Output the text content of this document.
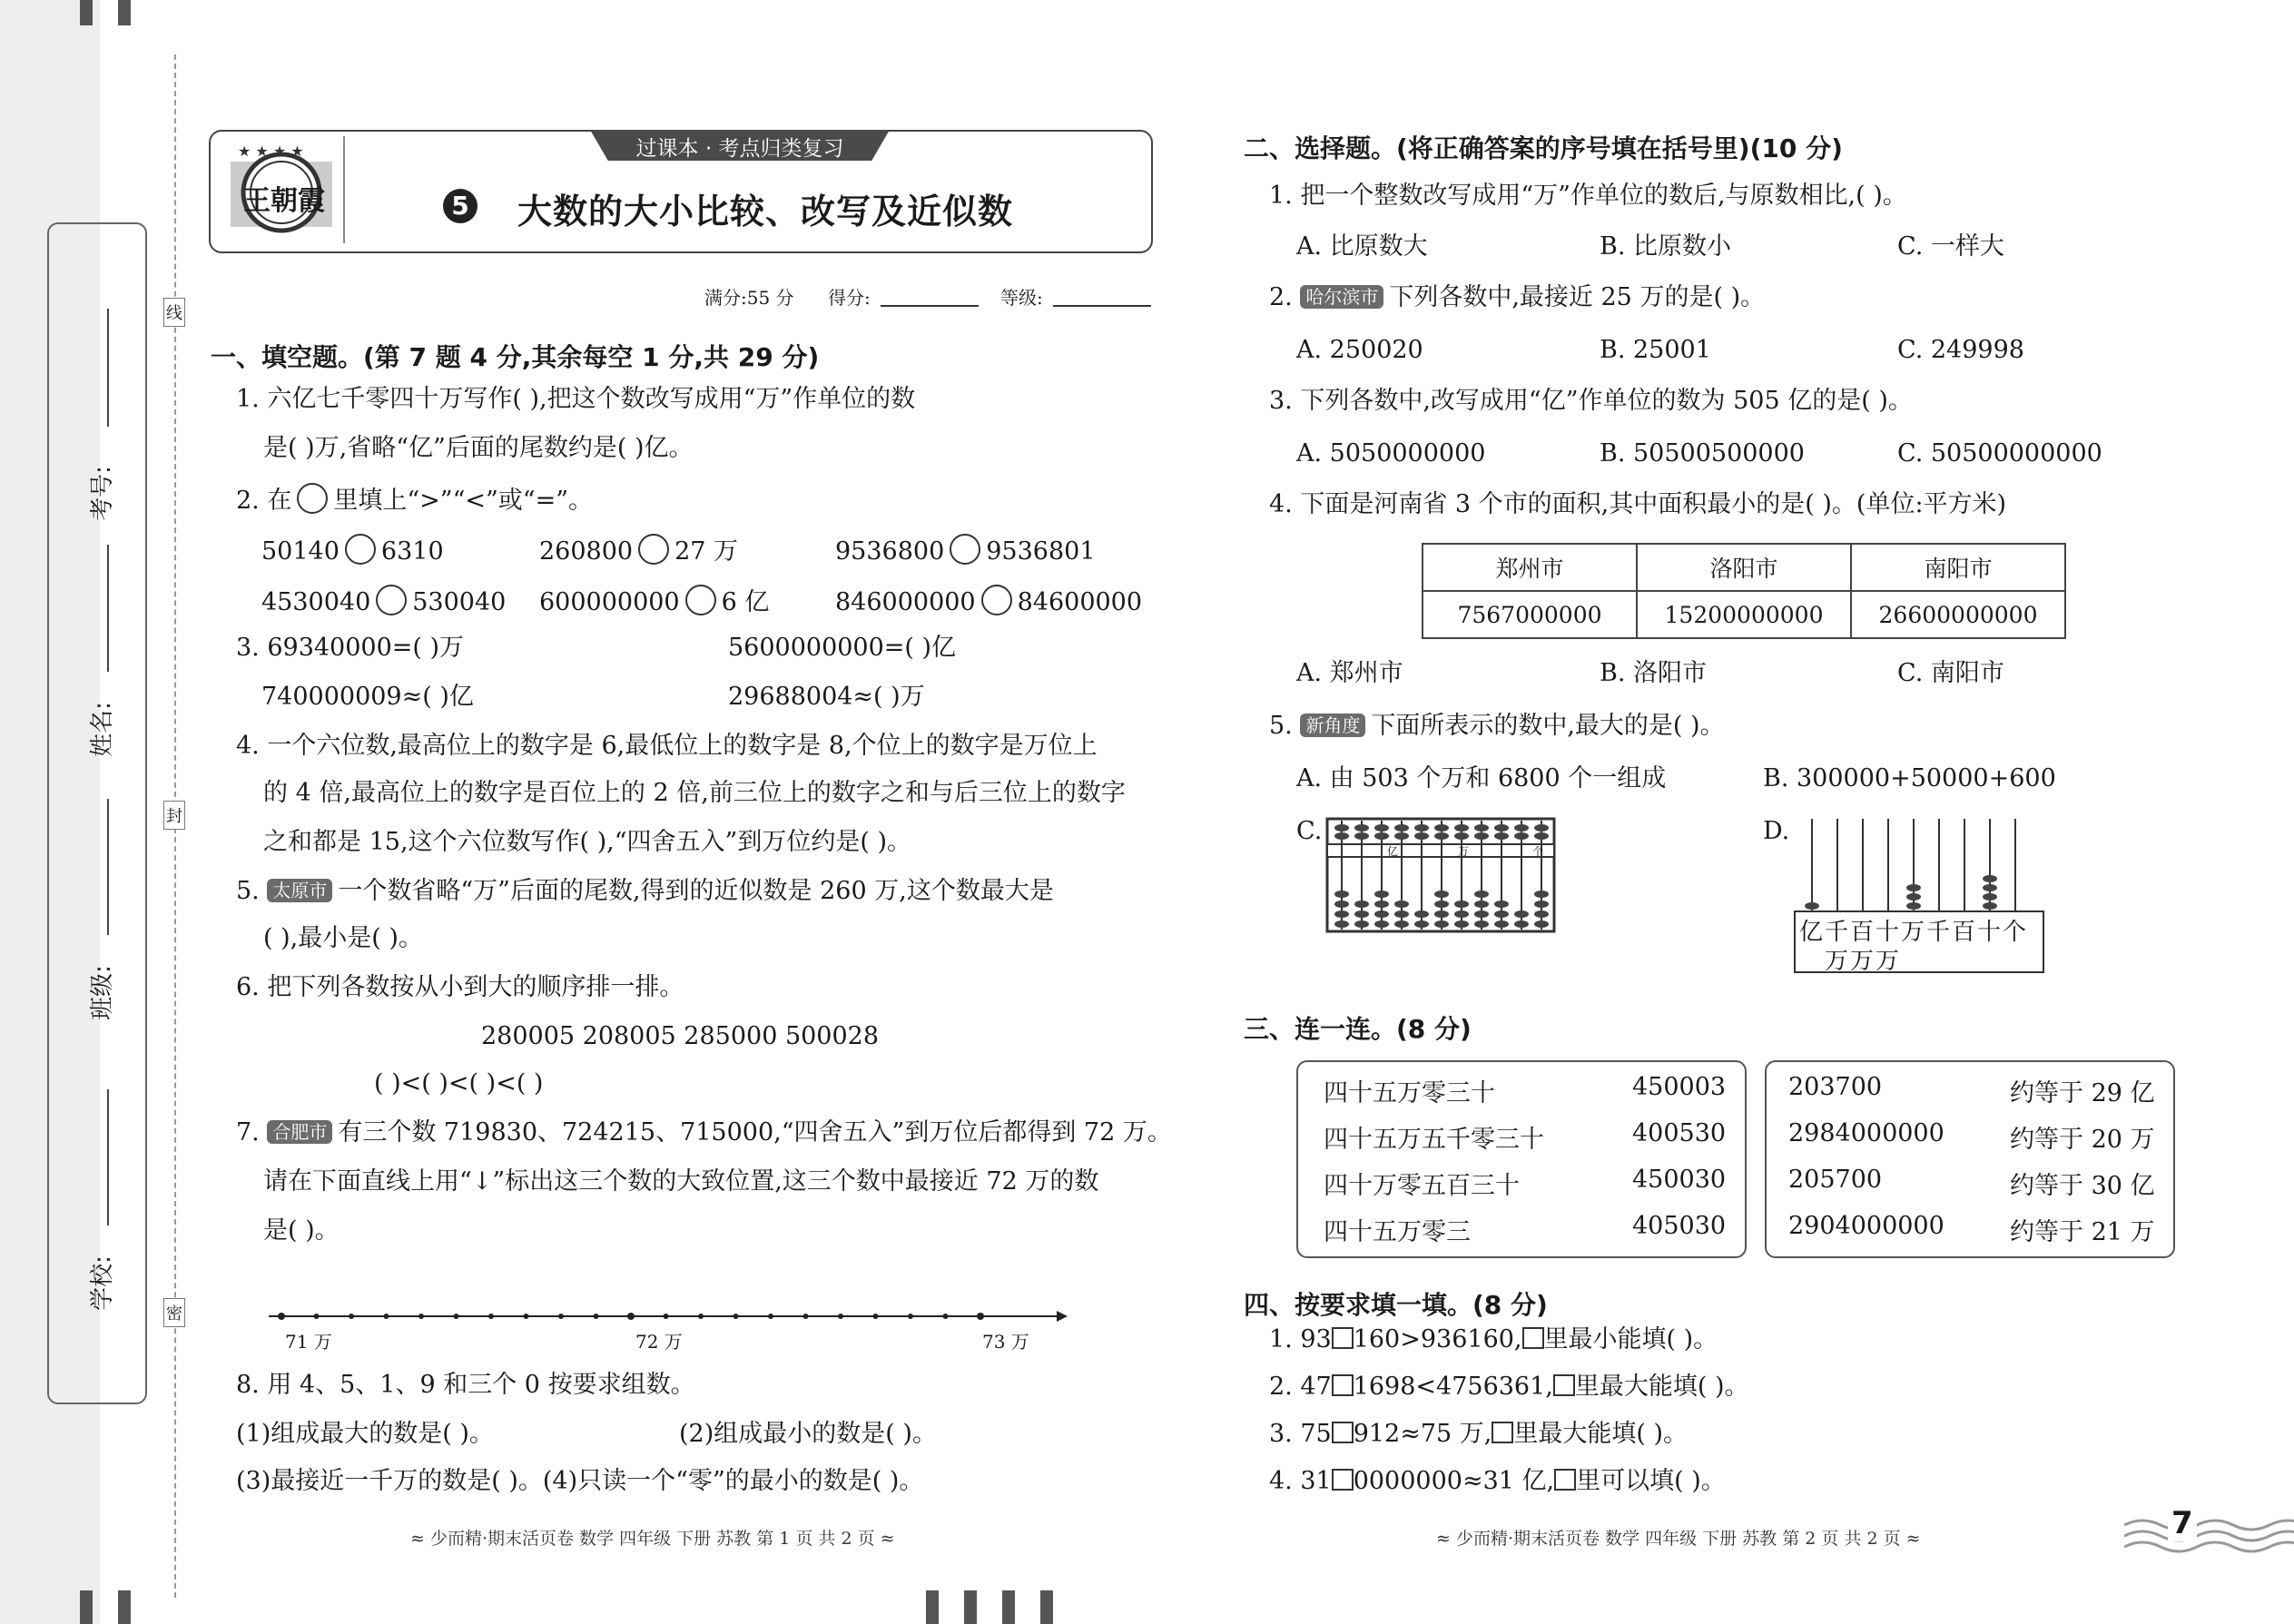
学校:
班级:
姓名:
考号:
线
封
密
过课本 · 考点归类复习
★ ★ ★ ★
王朝霞	5 大数的大小比较、改写及近似数
满分:55 分 得分:	等级:
一、填空题。(第 7 题 4 分,其余每空 1 分,共 29 分)
1. 六亿七千零四十万写作( ),把这个数改写成用“万”作单位的数
是( )万,省略“亿”后面的尾数约是( )亿。
2. 在 里填上“>”“<”或“=”。
50140 6310	260800 27 万	9536800 9536801
4530040 530040 600000000 6 亿	846000000 84600000
3. 69340000=( )万	5600000000=( )亿
740000009≈( )亿	29688004≈( )万
4. 一个六位数,最高位上的数字是 6,最低位上的数字是 8,个位上的数字是万位上
的 4 倍,最高位上的数字是百位上的 2 倍,前三位上的数字之和与后三位上的数字
之和都是 15,这个六位数写作( ),“四舍五入”到万位约是( )。
5. 太原市 一个数省略“万”后面的尾数,得到的近似数是 260 万,这个数最大是
( ),最小是( )。
6. 把下列各数按从小到大的顺序排一排。
280005 208005 285000 500028
( )<( )<( )<( )
7. 合肥市 有三个数 719830、724215、715000,“四舍五入”到万位后都得到 72 万。
请在下面直线上用“↓”标出这三个数的大致位置,这三个数中最接近 72 万的数
是( )。
71 万	72 万	73 万
8. 用 4、5、1、9 和三个 0 按要求组数。
(1)组成最大的数是( )。	(2)组成最小的数是( )。
(3)最接近一千万的数是( )。(4)只读一个“零”的最小的数是( )。
≈ 少而精·期末活页卷 数学 四年级 下册 苏教 第 1 页 共 2 页 ≈
二、选择题。(将正确答案的序号填在括号里)(10 分)
1. 把一个整数改写成用“万”作单位的数后,与原数相比,( )。
A. 比原数大	B. 比原数小	C. 一样大
2. 哈尔滨市 下列各数中,最接近 25 万的是( )。
A. 250020	B. 25001	C. 249998
3. 下列各数中,改写成用“亿”作单位的数为 505 亿的是( )。
A. 5050000000	B. 50500500000	C. 50500000000
4. 下面是河南省 3 个市的面积,其中面积最小的是( )。(单位:平方米)
郑州市	洛阳市	南阳市
7567000000	15200000000	26600000000
A. 郑州市	B. 洛阳市	C. 南阳市
5. 新角度 下面所表示的数中,最大的是( )。
A. 由 503 个万和 6800 个一组成	B. 300000+50000+600
C.	D.
亿	万	个
亿千百十万千百十个
万万万
三、连一连。(8 分)
四十五万零三十	450003
四十五万五千零三十	400530
四十万零五百三十	450030
四十五万零三	405030
203700	约等于 29 亿
2984000000	约等于 20 万
205700	约等于 30 亿
2904000000	约等于 21 万
四、按要求填一填。(8 分)
1. 93 160>936160, 里最小能填( )。
2. 47 1698<4756361, 里最大能填( )。
3. 75 912≈75 万, 里最大能填( )。
4. 31 0000000≈31 亿, 里可以填( )。
≈ 少而精·期末活页卷 数学 四年级 下册 苏教 第 2 页 共 2 页 ≈	7
